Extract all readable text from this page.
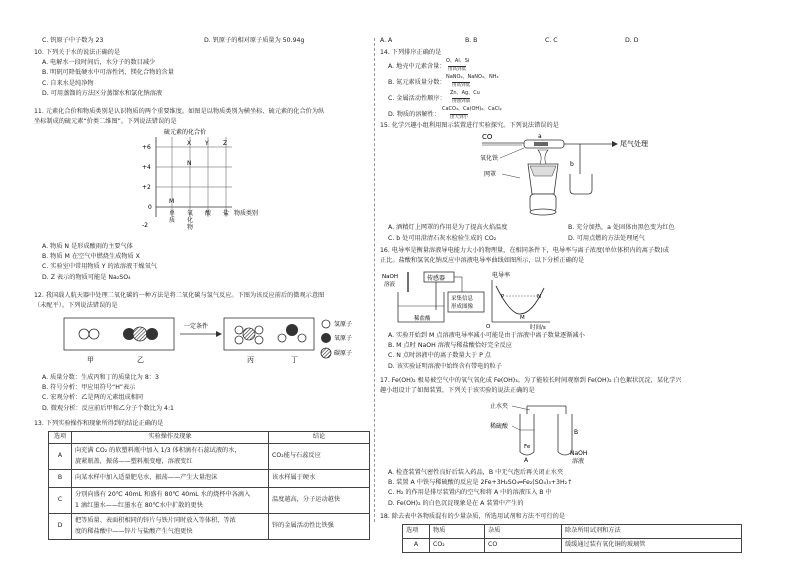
C. 钒原子中子数为 23	D. 钒原子的相对原子质量为 50.94g

10. 下列关于水的说法正确的是

A. 电解水一段时间后，水分子的数目减少

B. 明矾可降低硬水中可溶性钙、镁化合物的含量

C. 自来水是纯净物

D. 可用蒸馏的方法区分蒸馏水和氯化钠溶液

11. 元素化合价和物质类别是认识物质的两个重要维度。如图是以物质类别为横坐标、硫元素的化合价为纵

坐标制成的硫元素“价类二维图”。下列说法错误的是

硫元素的化合价
+6
+4
+2
0
-2
X Y Z
N
M
单
质
氧
化
物
酸 盐 物质类别

A. 物质 N 是形成酸雨的主要气体

B. 物质 M 在空气中燃烧生成物质 X

C. 实验室中常用物质 Y 的浓溶液干燥氧气

D. Z 表示的物质可能是 Na₂SO₄

12. 我国载人航天器中处理二氧化碳的一种方法是将二氧化碳与氢气反应。下图为该反应前后的微观示意图

（未配平）。下列说法错误的是

甲	乙
一定条件
丙	丁
氢原子
氧原子
碳原子

A. 质量分数：生成丙和丁的质量比为 8：3

B. 符号分析：甲应用符号“H”表示

C. 宏观分析：乙是两的元素组成相同

D. 微观分析：反应前后甲和乙分子个数比为 4:1

13. 下列实验操作和现象所得到的结论正确的是

选项	实验操作及现象	结论
A	向充满 CO₂ 的软塑料瓶中加入 1/3 体积滴有石蕊试液的水，
旋紧瓶盖，振荡——塑料瓶变瘪，溶液变红	CO₂能与石蕊反应
B	向某水样中加入适量肥皂水，振荡——产生大量泡沫	该水样属于硬水
C	分别向盛有 20℃ 40mL 和盛有 80℃ 40mL 水的烧杯中各滴入
1 滴红墨水——红墨水在 80℃水中扩散的更快	温度越高，分子运动越快
D	把等质量、表面积相同的锌片与铁片同时放入等体积、等浓
度的稀盐酸中——锌片与盐酸产生气泡更快	锌的金属活动性比铁强
A. A	B. B	C. C	D. D

14. 下列排序正确的是

A. 地壳中元素含量：
O、Al、Si
由高到低
B. 氮元素质量分数：
NaNO₂、NaNO₃、NH₃
由高到低
C. 金属活动性顺序：
Zn、Ag、Cu
由强到弱
D. 物质的溶解性：
CaCO₃、Ca(OH)₂、CaCl₂
由大到小

15. 化学兴趣小组利用图示装置进行实验探究。下列说法错误的是

CO
氧化铁
网罩
a
b
尾气处理
A. 酒精灯上网罩的作用是为了提高火焰温度	B. 充分加热，a 处固体由黑色变为红色
C. b 处可用澄清石灰水检验生成的 CO₂	D. 可用点燃的方法处理尾气

16. 电导率是衡量溶液导电能力大小的物理量，在相同条件下，电导率与离子浓度(单位体积内的离子数)成

正比。盐酸和氢氧化钠反应中溶液电导率曲线如图所示，以下分析正确的是

NaOH
溶液
传感器
稀盐酸
采集信息
形成图像
电导率
O	时间/s
M
P	N

A. 实验开始到 M 点溶液电导率减小可能是由于溶液中离子数量逐渐减小

B. M 点时 NaOH 溶液与稀盐酸恰好完全反应

C. N 点时溶液中的离子数量大于 P 点

D. 该实验证明溶液中始终含有带电的粒子

17. Fe(OH)₂ 极易被空气中的氧气氧化成 Fe(OH)₃。为了能较长时间观察到 Fe(OH)₂ 白色絮状沉淀，某化学兴

趣小组设计了如图装置，下列关于该实验的说法正确的是

止水夹
稀硫酸
Fe
A
B
NaOH
溶液

A. 检查装置气密性良好后装入药品，B 中无气泡后再关闭止水夹

B. 装置 A 中铁与稀硫酸的反应是 2Fe+3H₂SO₄═Fe₂(SO₄)₃+3H₂↑

C. H₂ 的作用是排尽装置内的空气和将 A 中的溶液压入 B 中

D. Fe(OH)₂ 的白色沉淀现象是在 A 装置中产生的

18. 除去表中各物质混有的少量杂质，所选用试剂和方法不可行的是

选项	物质	杂质	除杂所用试剂和方法
A	CO₂	CO	缓缓通过装有氧化铜的玻璃管
